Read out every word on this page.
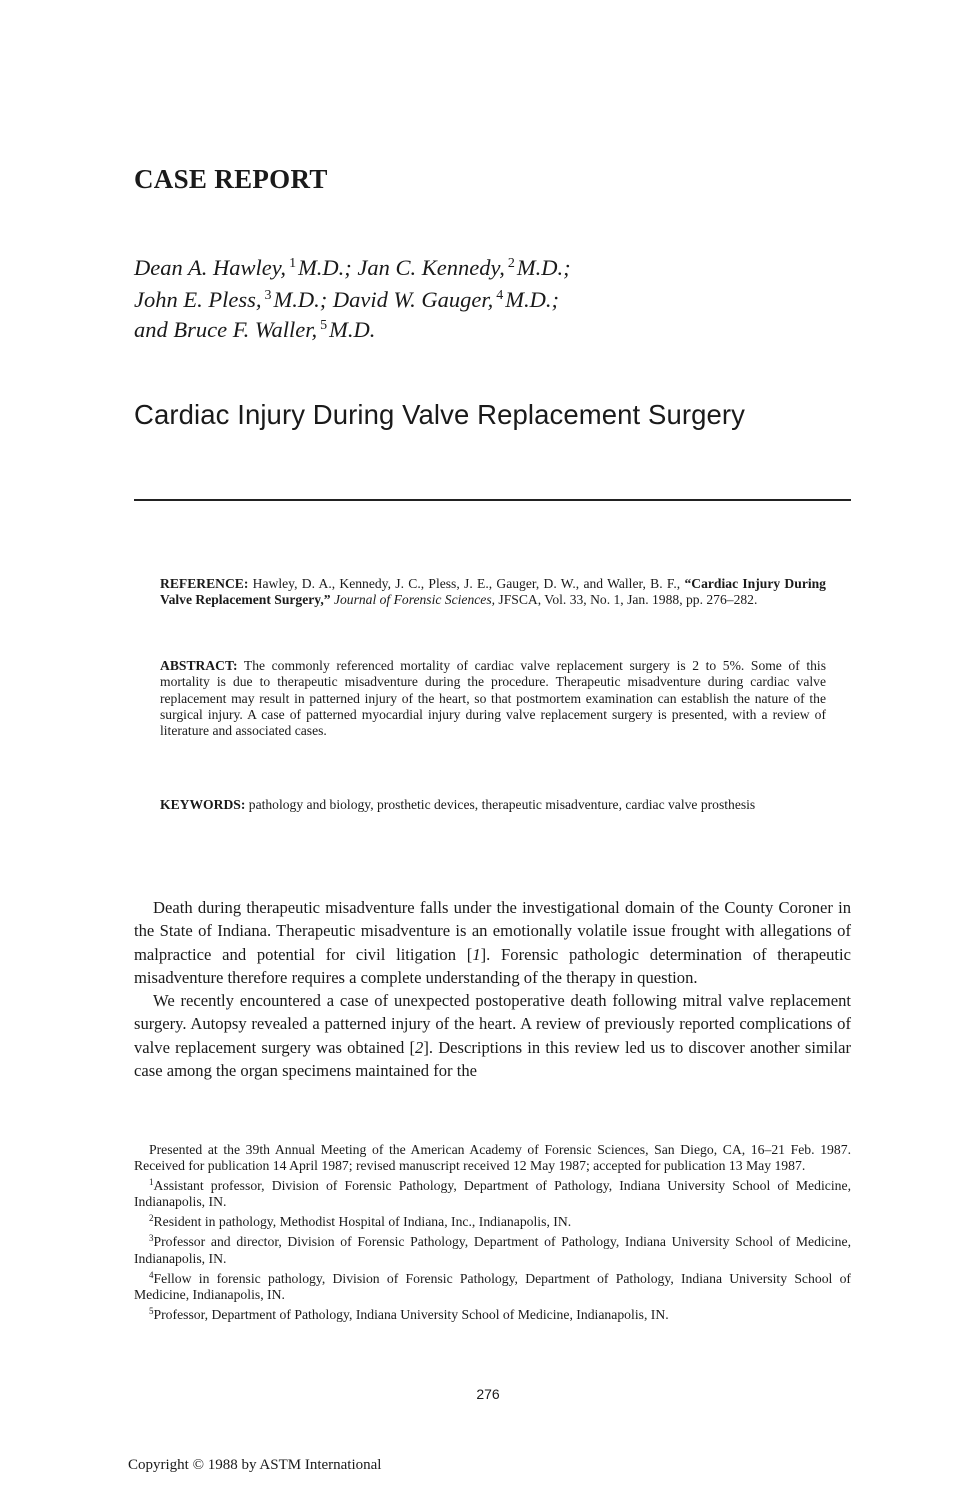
CASE REPORT
Dean A. Hawley, $^1$M.D.; Jan C. Kennedy, $^2$M.D.;
John E. Pless, $^3$M.D.; David W. Gauger, $^4$M.D.;
and Bruce F. Waller, $^5$M.D.
Cardiac Injury During Valve Replacement Surgery
REFERENCE: Hawley, D. A., Kennedy, J. C., Pless, J. E., Gauger, D. W., and Waller, B. F., “Cardiac Injury During Valve Replacement Surgery,” Journal of Forensic Sciences, JFSCA, Vol. 33, No. 1, Jan. 1988, pp. 276–282.
ABSTRACT: The commonly referenced mortality of cardiac valve replacement surgery is 2 to 5%. Some of this mortality is due to therapeutic misadventure during the procedure. Therapeutic misadventure during cardiac valve replacement may result in patterned injury of the heart, so that postmortem examination can establish the nature of the surgical injury. A case of patterned myocardial injury during valve replacement surgery is presented, with a review of literature and associated cases.
KEYWORDS: pathology and biology, prosthetic devices, therapeutic misadventure, cardiac valve prosthesis

Death during therapeutic misadventure falls under the investigational domain of the County Coroner in the State of Indiana. Therapeutic misadventure is an emotionally volatile issue frought with allegations of malpractice and potential for civil litigation [1]. Forensic pathologic determination of therapeutic misadventure therefore requires a complete understanding of the therapy in question.

We recently encountered a case of unexpected postoperative death following mitral valve replacement surgery. Autopsy revealed a patterned injury of the heart. A review of previously reported complications of valve replacement surgery was obtained [2]. Descriptions in this review led us to discover another similar case among the organ specimens maintained for the

Presented at the 39th Annual Meeting of the American Academy of Forensic Sciences, San Diego, CA, 16–21 Feb. 1987. Received for publication 14 April 1987; revised manuscript received 12 May 1987; accepted for publication 13 May 1987.

$^1$Assistant professor, Division of Forensic Pathology, Department of Pathology, Indiana University School of Medicine, Indianapolis, IN.

$^2$Resident in pathology, Methodist Hospital of Indiana, Inc., Indianapolis, IN.

$^3$Professor and director, Division of Forensic Pathology, Department of Pathology, Indiana University School of Medicine, Indianapolis, IN.

$^4$Fellow in forensic pathology, Division of Forensic Pathology, Department of Pathology, Indiana University School of Medicine, Indianapolis, IN.

$^5$Professor, Department of Pathology, Indiana University School of Medicine, Indianapolis, IN.

276
Copyright © 1988 by ASTM International
